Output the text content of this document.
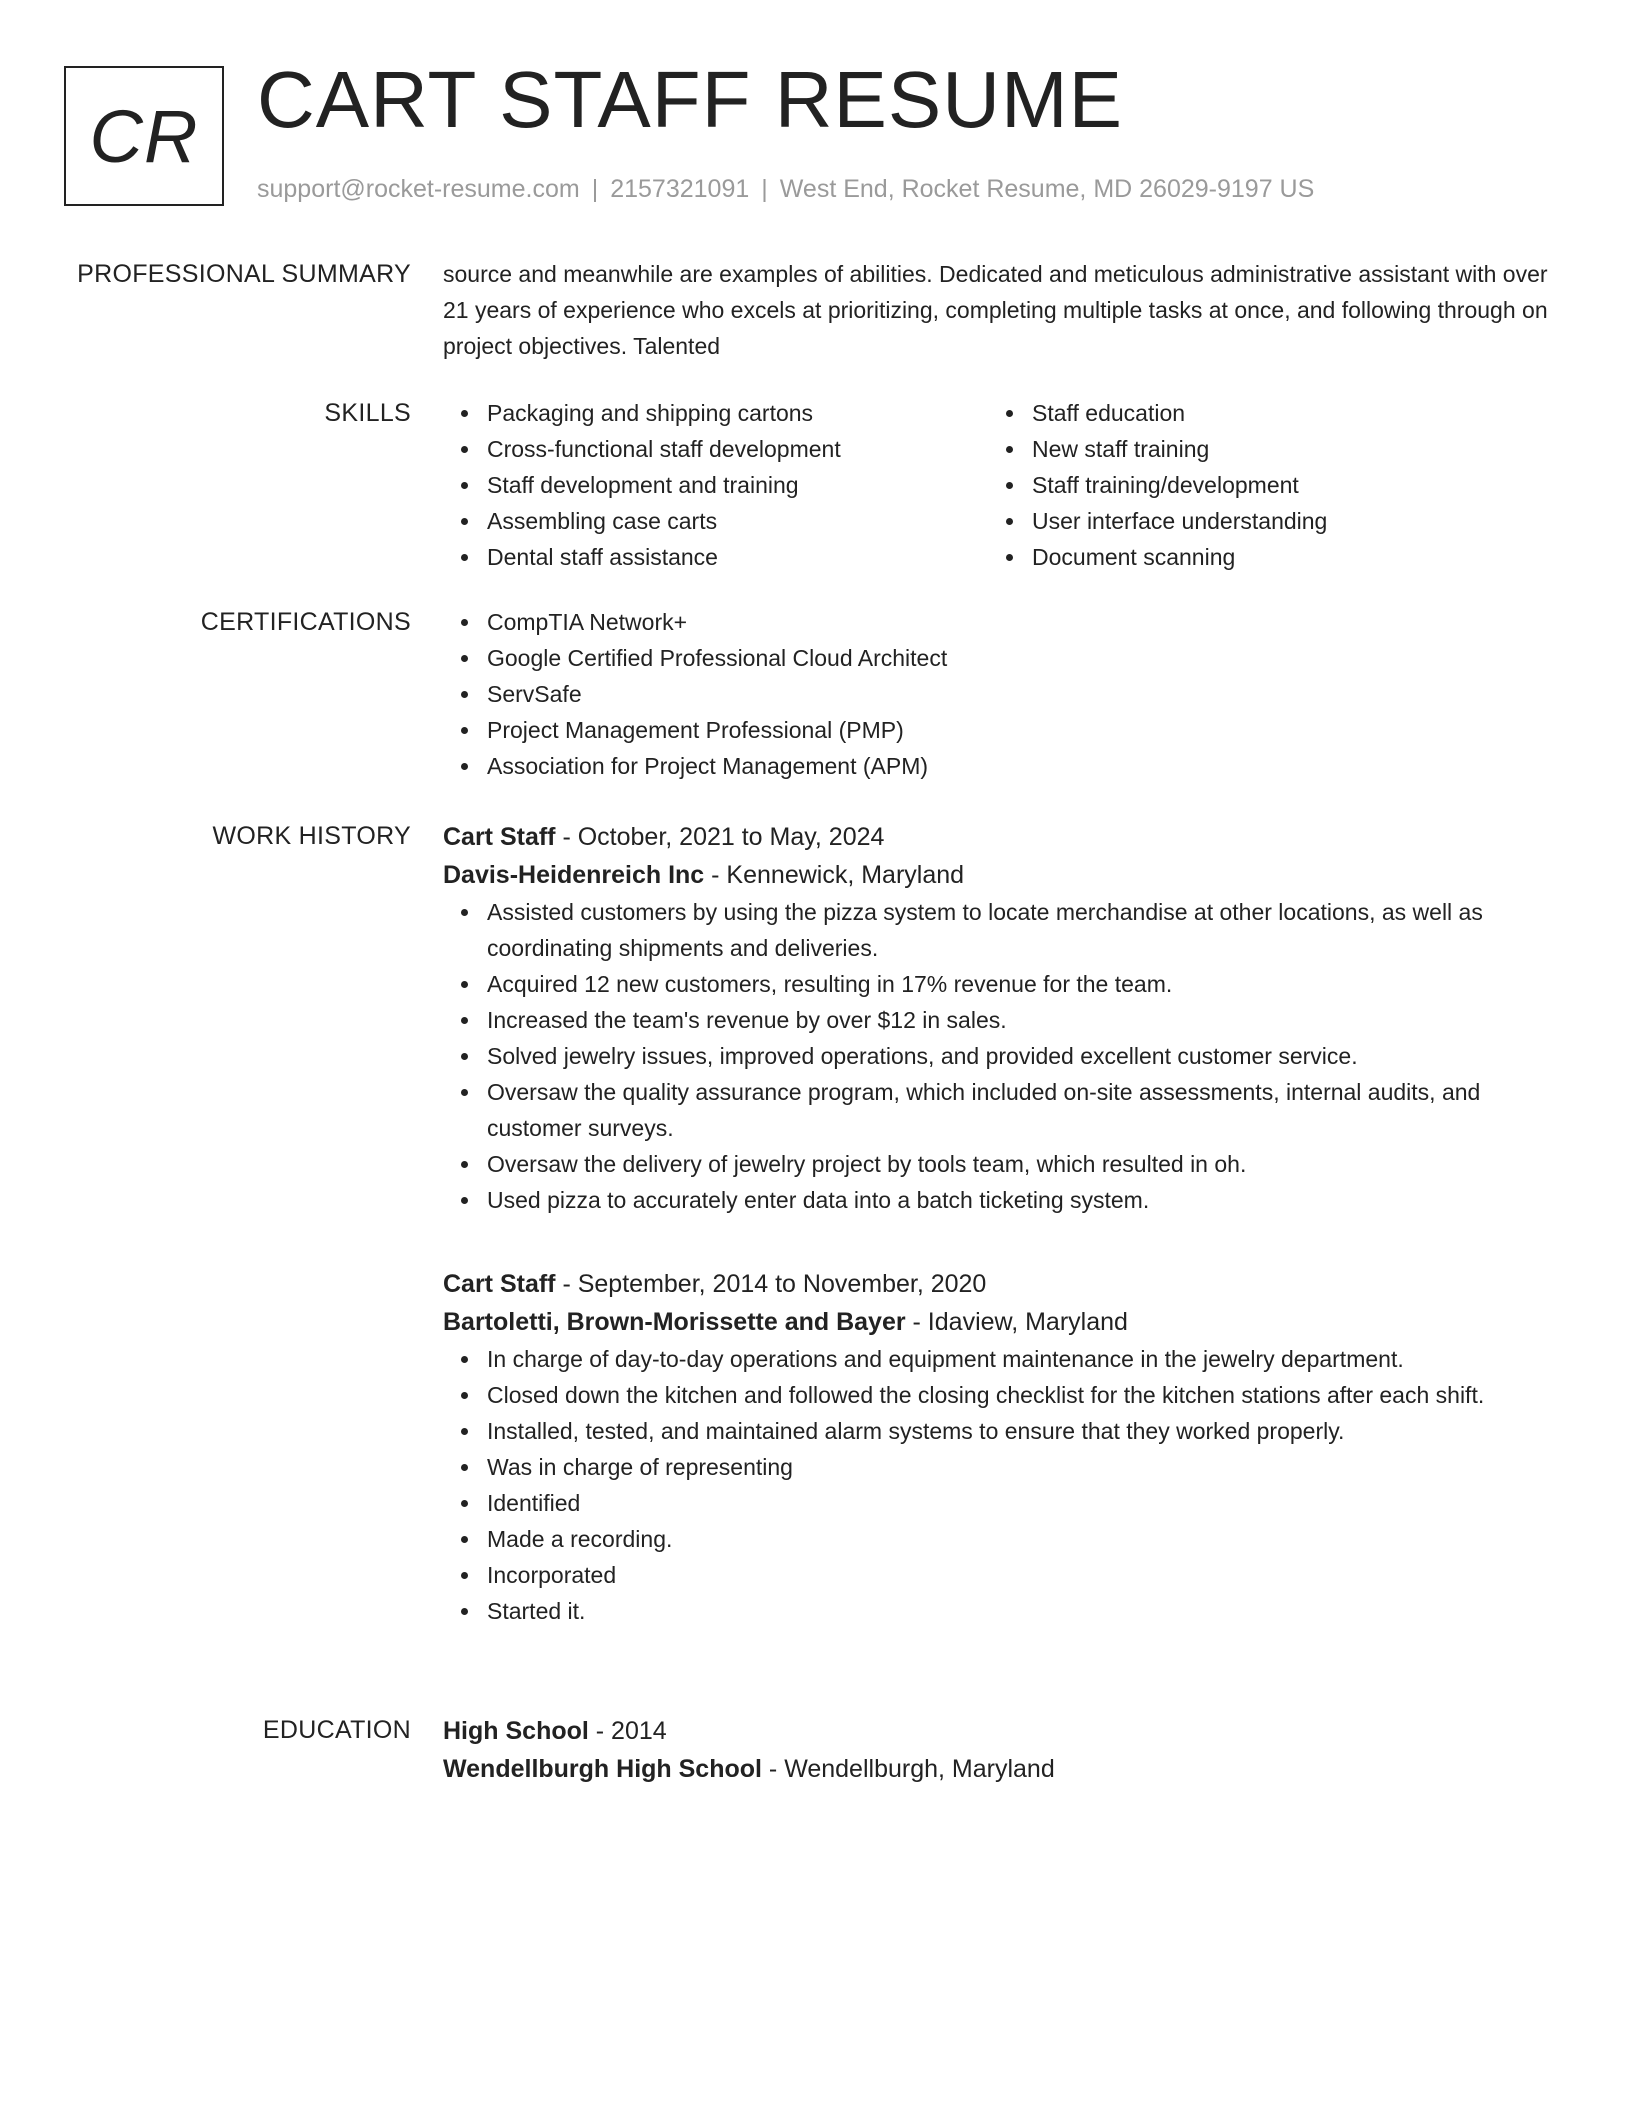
CR CART STAFF RESUME
support@rocket-resume.com | 2157321091 | West End, Rocket Resume, MD 26029-9197 US
PROFESSIONAL SUMMARY source and meanwhile are examples of abilities. Dedicated and meticulous administrative assistant with over 21 years of experience who excels at prioritizing, completing multiple tasks at once, and following through on project objectives. Talented
SKILLS	Packaging and shipping cartons
Cross-functional staff development
Staff development and training
Assembling case carts
Dental staff assistance
Staff education
New staff training
Staff training/development
User interface understanding
Document scanning
CERTIFICATIONS	CompTIA Network+
Google Certified Professional Cloud Architect
ServSafe
Project Management Professional (PMP)
Association for Project Management (APM)
WORK HISTORY Cart Staff - October, 2021 to May, 2024
Davis-Heidenreich Inc - Kennewick, Maryland
Assisted customers by using the pizza system to locate merchandise at other locations, as well as coordinating shipments and deliveries.
Acquired 12 new customers, resulting in 17% revenue for the team.
Increased the team's revenue by over $12 in sales.
Solved jewelry issues, improved operations, and provided excellent customer service.
Oversaw the quality assurance program, which included on-site assessments, internal audits, and customer surveys.
Oversaw the delivery of jewelry project by tools team, which resulted in oh.
Used pizza to accurately enter data into a batch ticketing system.
Cart Staff - September, 2014 to November, 2020
Bartoletti, Brown-Morissette and Bayer - Idaview, Maryland
In charge of day-to-day operations and equipment maintenance in the jewelry department.
Closed down the kitchen and followed the closing checklist for the kitchen stations after each shift.
Installed, tested, and maintained alarm systems to ensure that they worked properly.
Was in charge of representing
Identified
Made a recording.
Incorporated
Started it.
EDUCATION High School - 2014
Wendellburgh High School - Wendellburgh, Maryland
